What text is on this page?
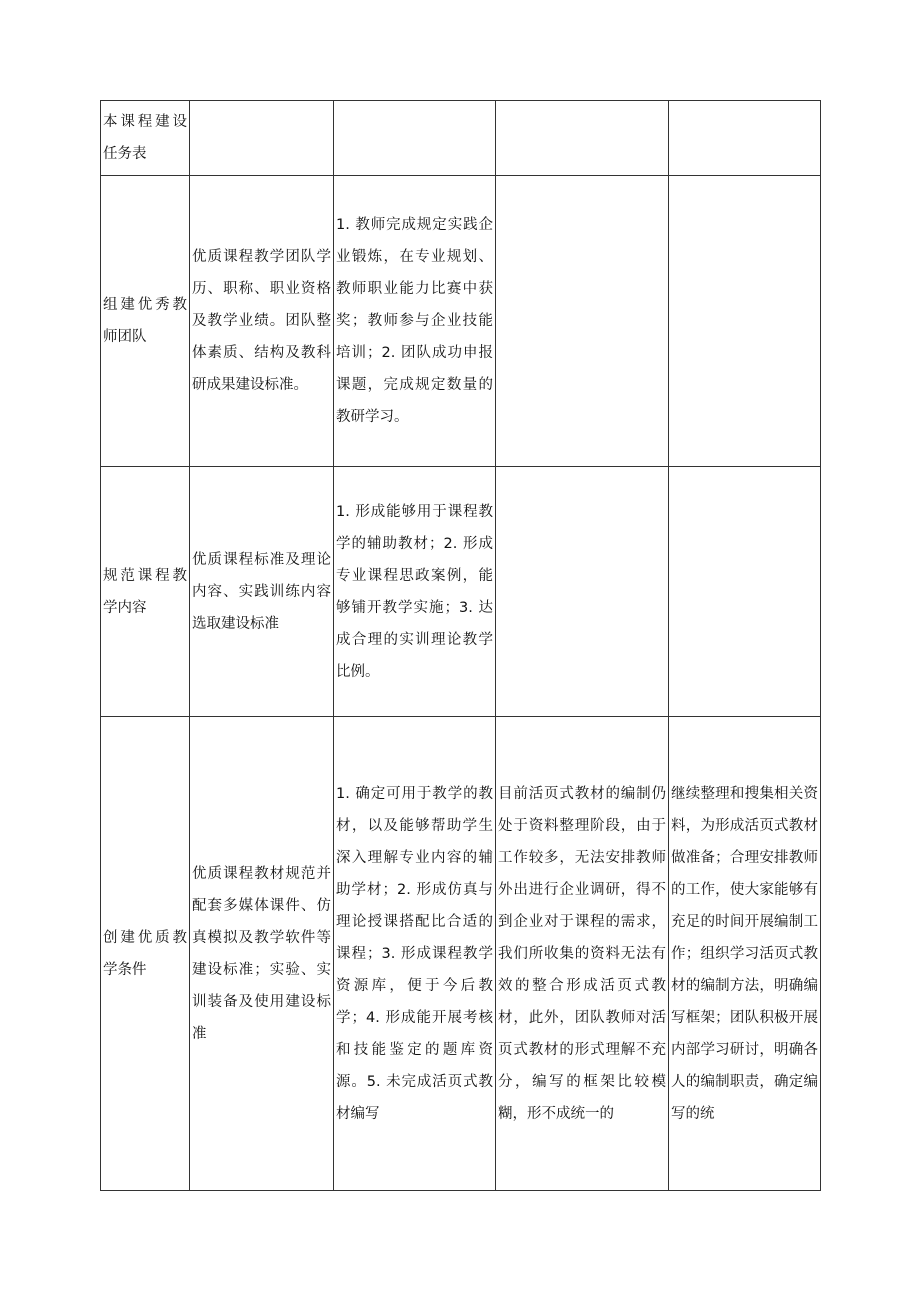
本课程建设任务表				
组建优秀教师团队	优质课程教学团队学历、职称、职业资格及教学业绩。团队整体素质、结构及教科研成果建设标准。	1. 教师完成规定实践企业锻炼，在专业规划、教师职业能力比赛中获奖；教师参与企业技能培训；2. 团队成功申报课题，完成规定数量的教研学习。		
规范课程教学内容	优质课程标准及理论内容、实践训练内容选取建设标准	1. 形成能够用于课程教学的辅助教材；2. 形成专业课程思政案例，能够铺开教学实施；3. 达成合理的实训理论教学比例。		
创建优质教学条件	优质课程教材规范并配套多媒体课件、仿真模拟及教学软件等建设标准；实验、实训装备及使用建设标准	1. 确定可用于教学的教材，以及能够帮助学生深入理解专业内容的辅助学材；2. 形成仿真与理论授课搭配比合适的课程；3. 形成课程教学资源库，便于今后教学；4. 形成能开展考核和技能鉴定的题库资源。5. 未完成活页式教材编写	目前活页式教材的编制仍处于资料整理阶段，由于工作较多，无法安排教师外出进行企业调研，得不到企业对于课程的需求，我们所收集的资料无法有效的整合形成活页式教材，此外，团队教师对活页式教材的形式理解不充分，编写的框架比较模糊，形不成统一的	继续整理和搜集相关资料，为形成活页式教材做准备；合理安排教师的工作，使大家能够有充足的时间开展编制工作；组织学习活页式教材的编制方法，明确编写框架；团队积极开展内部学习研讨，明确各人的编制职责，确定编写的统
